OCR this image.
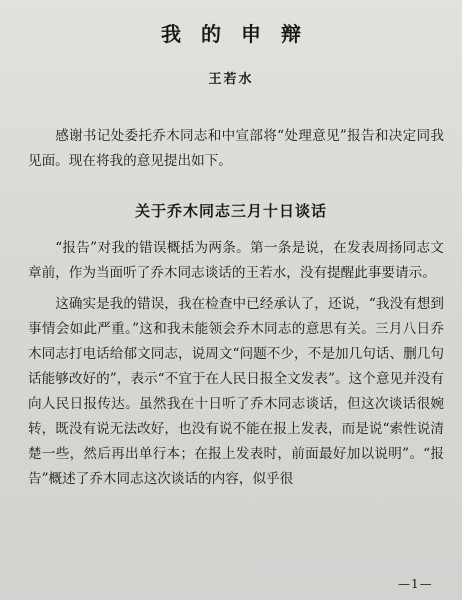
我的申辩

王若水

感谢书记处委托乔木同志和中宣部将“处理意见”报告和决定同我见面。现在将我的意见提出如下。

关于乔木同志三月十日谈话

“报告”对我的错误概括为两条。第一条是说，在发表周扬同志文章前，作为当面听了乔木同志谈话的王若水，没有提醒此事要请示。

这确实是我的错误，我在检查中已经承认了，还说，“我没有想到事情会如此严重。”这和我未能领会乔木同志的意思有关。三月八日乔木同志打电话给郁文同志，说周文“问题不少，不是加几句话、删几句话能够改好的”，表示“不宜于在人民日报全文发表”。这个意见并没有向人民日报传达。虽然我在十日听了乔木同志谈话，但这次谈话很婉转，既没有说无法改好，也没有说不能在报上发表，而是说“索性说清楚一些，然后再出单行本；在报上发表时，前面最好加以说明”。“报告”概述了乔木同志这次谈话的内容，似乎很

—1—
